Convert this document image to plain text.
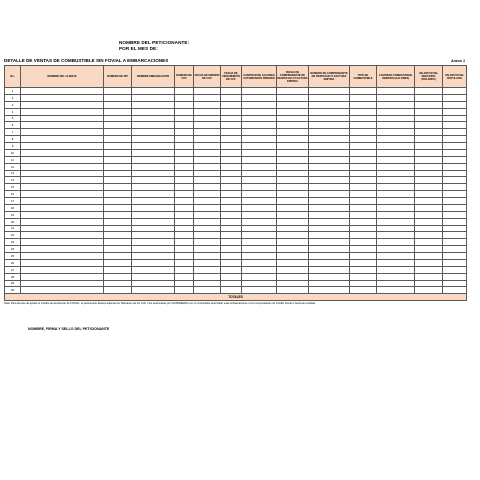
NOMBRE DEL PETICIONANTE:
POR EL MES DE:
DETALLE DE VENTAS DE COMBUSTIBLE SIN FOVIAL A EMBARCACIONES	Anexo 1
No.	NOMBRE DEL CLIENTE	NUMERO DE NIT	NOMBRE EMBARCACION	NUMERO DE CCF	FECHA DE EMISION DE CCF	FECHA DE VENCIMIENTO DE CCF	CANTIDAD DE GALONES AUTORIZADOS PERIODO	FECHA DE COMPROBANTE DE DESPACHO O FACTURA EMITIDA	NUMERO DE COMPROBANTE DE DESPACHO O FACTURA EMITIDA	TIPO DE COMBUSTIBLE	CANTIDAD COMBUSTIBLE VENDIDO (GALONES)	VALOR FOVIAL DEDUCIDO (DOLARES)	VALOR FOVIAL ROTULADO
1													
2													
3													
4													
5													
6													
7													
8													
9													
10													
11													
12													
13													
14													
15													
16													
17													
18													
19													
20													
21													
22													
23													
24													
25													
26													
27													
28													
29													
30													
TOTALES													
Nota: Para efectos de aplicar el Crédito de devolución de FOVIAL, el peticionario deberá adjuntar los Talonarios de los CCF o los autorizados por DC/MIREMAG por el combustible autorizado a las embarcaciones o los Comprobantes de Crédito Fiscal o Facturas emitidas.
NOMBRE, FIRMA Y SELLO DEL PETICIONANTE
